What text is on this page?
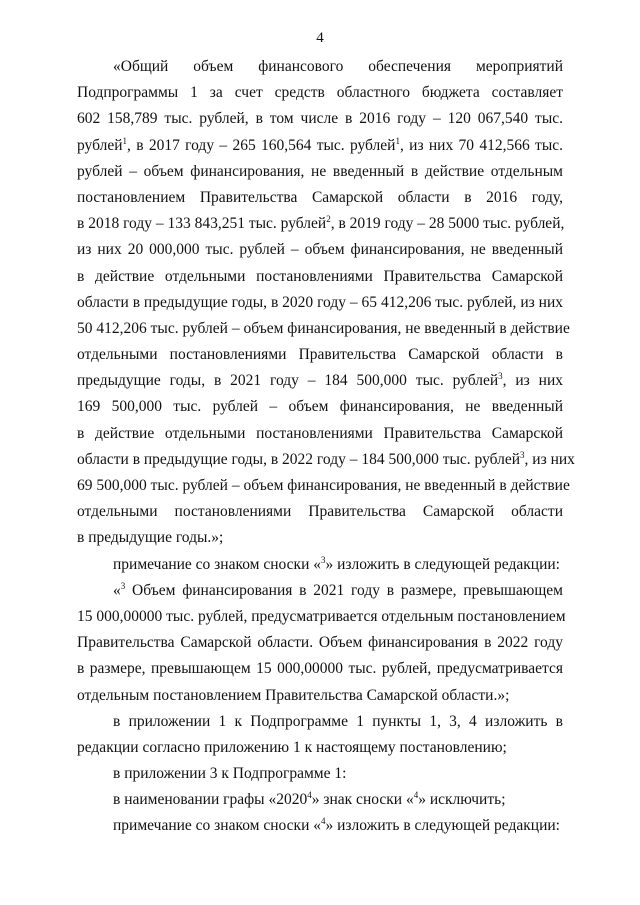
4
«Общий объем финансового обеспечения мероприятий
Подпрограммы 1 за счет средств областного бюджета составляет
602 158,789 тыс. рублей, в том числе в 2016 году – 120 067,540 тыс.
рублей$^1$, в 2017 году – 265 160,564 тыс. рублей$^1$, из них 70 412,566 тыс.
рублей – объем финансирования, не введенный в действие отдельным
постановлением Правительства Самарской области в 2016 году,
в 2018 году – 133 843,251 тыс. рублей$^2$, в 2019 году – 28 5000 тыс. рублей,
из них 20 000,000 тыс. рублей – объем финансирования, не введенный
в действие отдельными постановлениями Правительства Самарской
области в предыдущие годы, в 2020 году – 65 412,206 тыс. рублей, из них
50 412,206 тыс. рублей – объем финансирования, не введенный в действие
отдельными постановлениями Правительства Самарской области в
предыдущие годы, в 2021 году – 184 500,000 тыс. рублей$^3$, из них
169 500,000 тыс. рублей – объем финансирования, не введенный
в действие отдельными постановлениями Правительства Самарской
области в предыдущие годы, в 2022 году – 184 500,000 тыс. рублей$^3$, из них
69 500,000 тыс. рублей – объем финансирования, не введенный в действие
отдельными постановлениями Правительства Самарской области
в предыдущие годы.»;
примечание со знаком сноски «$^3$» изложить в следующей редакции:
«$^3$ Объем финансирования в 2021 году в размере, превышающем
15 000,00000 тыс. рублей, предусматривается отдельным постановлением
Правительства Самарской области. Объем финансирования в 2022 году
в размере, превышающем 15 000,00000 тыс. рублей, предусматривается
отдельным постановлением Правительства Самарской области.»;
в приложении 1 к Подпрограмме 1 пункты 1, 3, 4 изложить в
редакции согласно приложению 1 к настоящему постановлению;
в приложении 3 к Подпрограмме 1:
в наименовании графы «2020$^4$» знак сноски «$^4$» исключить;
примечание со знаком сноски «$^4$» изложить в следующей редакции:
